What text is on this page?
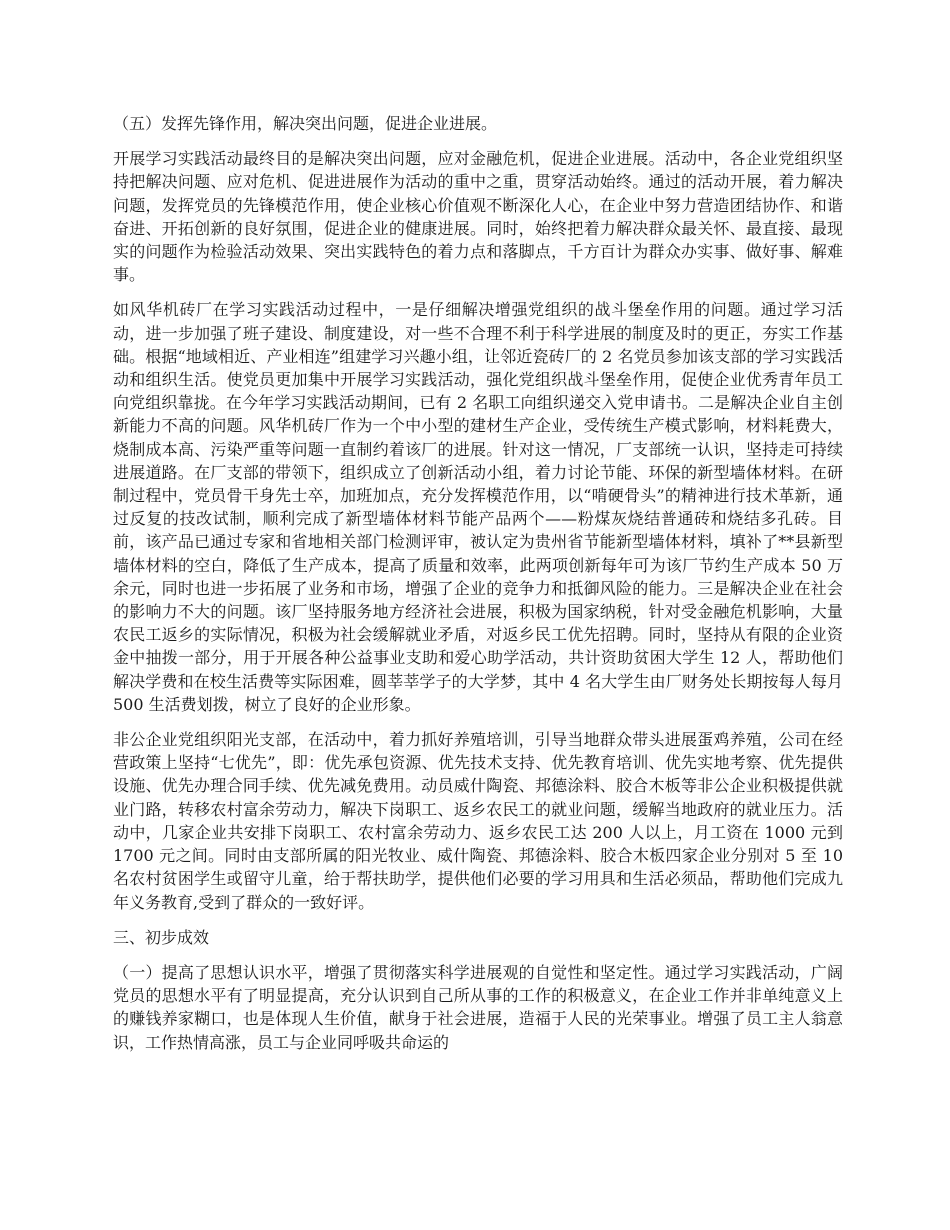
（五）发挥先锋作用，解决突出问题，促进企业进展。

开展学习实践活动最终目的是解决突出问题，应对金融危机，促进企业进展。活动中，各企业党组织坚持把解决问题、应对危机、促进进展作为活动的重中之重，贯穿活动始终。通过的活动开展，着力解决问题，发挥党员的先锋模范作用，使企业核心价值观不断深化人心，在企业中努力营造团结协作、和谐奋进、开拓创新的良好氛围，促进企业的健康进展。同时，始终把着力解决群众最关怀、最直接、最现实的问题作为检验活动效果、突出实践特色的着力点和落脚点，千方百计为群众办实事、做好事、解难事。

如风华机砖厂在学习实践活动过程中，一是仔细解决增强党组织的战斗堡垒作用的问题。通过学习活动，进一步加强了班子建设、制度建设，对一些不合理不利于科学进展的制度及时的更正，夯实工作基础。根据“地域相近、产业相连”组建学习兴趣小组，让邻近瓷砖厂的 2 名党员参加该支部的学习实践活动和组织生活。使党员更加集中开展学习实践活动，强化党组织战斗堡垒作用，促使企业优秀青年员工向党组织靠拢。在今年学习实践活动期间，已有 2 名职工向组织递交入党申请书。二是解决企业自主创新能力不高的问题。风华机砖厂作为一个中小型的建材生产企业，受传统生产模式影响，材料耗费大，烧制成本高、污染严重等问题一直制约着该厂的进展。针对这一情况，厂支部统一认识，坚持走可持续进展道路。在厂支部的带领下，组织成立了创新活动小组，着力讨论节能、环保的新型墙体材料。在研制过程中，党员骨干身先士卒，加班加点，充分发挥模范作用，以“啃硬骨头”的精神进行技术革新，通过反复的技改试制，顺利完成了新型墙体材料节能产品两个——粉煤灰烧结普通砖和烧结多孔砖。目前，该产品已通过专家和省地相关部门检测评审，被认定为贵州省节能新型墙体材料，填补了**县新型墙体材料的空白，降低了生产成本，提高了质量和效率，此两项创新每年可为该厂节约生产成本 50 万余元，同时也进一步拓展了业务和市场，增强了企业的竞争力和抵御风险的能力。三是解决企业在社会的影响力不大的问题。该厂坚持服务地方经济社会进展，积极为国家纳税，针对受金融危机影响，大量农民工返乡的实际情况，积极为社会缓解就业矛盾，对返乡民工优先招聘。同时，坚持从有限的企业资金中抽拨一部分，用于开展各种公益事业支助和爱心助学活动，共计资助贫困大学生 12 人，帮助他们解决学费和在校生活费等实际困难，圆莘莘学子的大学梦，其中 4 名大学生由厂财务处长期按每人每月 500 生活费划拨，树立了良好的企业形象。

非公企业党组织阳光支部，在活动中，着力抓好养殖培训，引导当地群众带头进展蛋鸡养殖，公司在经营政策上坚持“七优先”，即：优先承包资源、优先技术支持、优先教育培训、优先实地考察、优先提供设施、优先办理合同手续、优先减免费用。动员威什陶瓷、邦德涂料、胶合木板等非公企业积极提供就业门路，转移农村富余劳动力，解决下岗职工、返乡农民工的就业问题，缓解当地政府的就业压力。活动中，几家企业共安排下岗职工、农村富余劳动力、返乡农民工达 200 人以上，月工资在 1000 元到 1700 元之间。同时由支部所属的阳光牧业、威什陶瓷、邦德涂料、胶合木板四家企业分别对 5 至 10 名农村贫困学生或留守儿童，给于帮扶助学，提供他们必要的学习用具和生活必须品，帮助他们完成九年义务教育,受到了群众的一致好评。

三、初步成效

（一）提高了思想认识水平，增强了贯彻落实科学进展观的自觉性和坚定性。通过学习实践活动，广阔党员的思想水平有了明显提高，充分认识到自己所从事的工作的积极意义，在企业工作并非单纯意义上的赚钱养家糊口，也是体现人生价值，献身于社会进展，造福于人民的光荣事业。增强了员工主人翁意识，工作热情高涨，员工与企业同呼吸共命运的
